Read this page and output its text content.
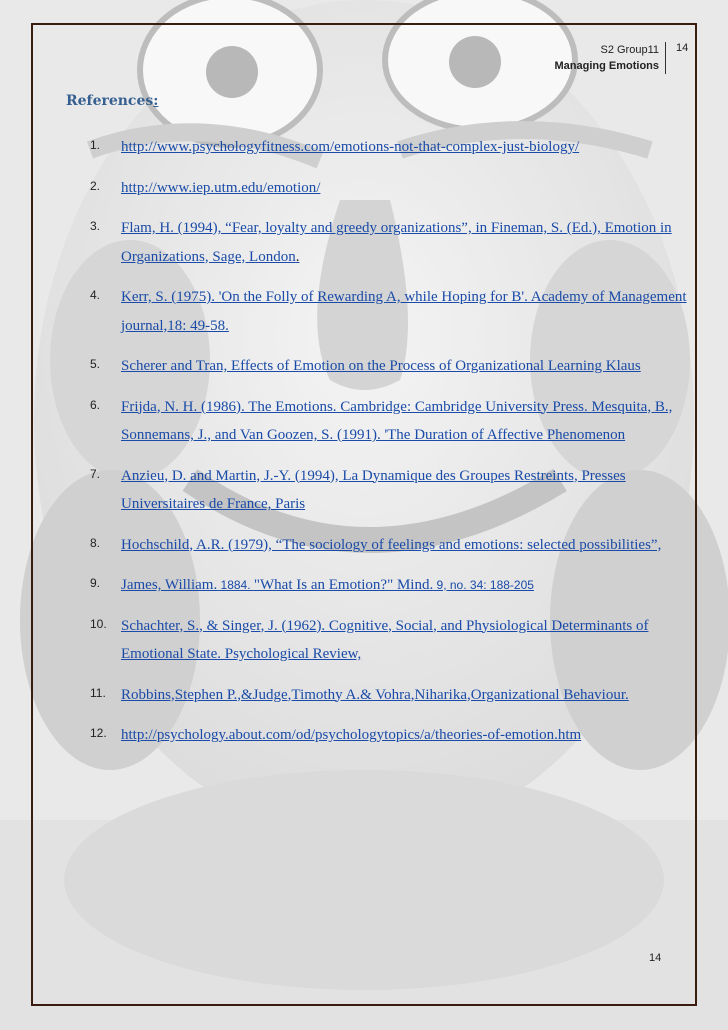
S2 Group11
Managing Emotions
14
References:
1.	http://www.psychologyfitness.com/emotions-not-that-complex-just-biology/
2.	http://www.iep.utm.edu/emotion/
3.	Flam, H. (1994), “Fear, loyalty and greedy organizations”, in Fineman, S. (Ed.), Emotion in Organizations, Sage, London.
4.	Kerr, S. (1975). 'On the Folly of Rewarding A, while Hoping for B'. Academy of Management journal,18: 49-58.
5.	Scherer and Tran, Effects of Emotion on the Process of Organizational Learning Klaus
6.	Frijda, N. H. (1986). The Emotions. Cambridge: Cambridge University Press. Mesquita, B., Sonnemans, J., and Van Goozen, S. (1991). 'The Duration of Affective Phenomenon
7.	Anzieu, D. and Martin, J.-Y. (1994), La Dynamique des Groupes Restreints, Presses Universitaires de France, Paris
8.	Hochschild, A.R. (1979), “The sociology of feelings and emotions: selected possibilities”,
9.	James, William. 1884. "What Is an Emotion?" Mind. 9, no. 34: 188-205
10. Schachter, S., & Singer, J. (1962). Cognitive, Social, and Physiological Determinants of Emotional State. Psychological Review,
11.	Robbins,Stephen P.,&Judge,Timothy A.& Vohra,Niharika,Organizational Behaviour.
12. http://psychology.about.com/od/psychologytopics/a/theories-of-emotion.htm
14
